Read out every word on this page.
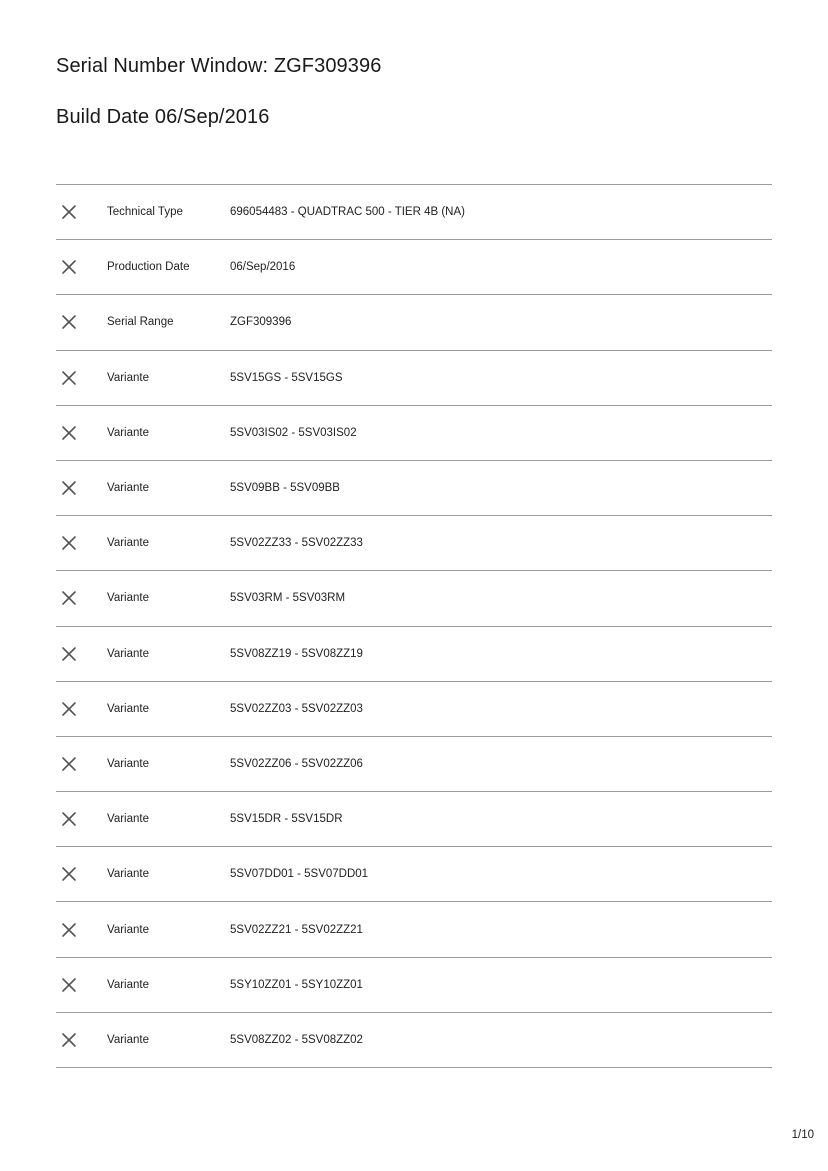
Serial Number Window: ZGF309396
Build Date 06/Sep/2016
Technical Type	696054483 - QUADTRAC 500 - TIER 4B (NA)
Production Date	06/Sep/2016
Serial Range	ZGF309396
Variante	5SV15GS - 5SV15GS
Variante	5SV03IS02 - 5SV03IS02
Variante	5SV09BB - 5SV09BB
Variante	5SV02ZZ33 - 5SV02ZZ33
Variante	5SV03RM - 5SV03RM
Variante	5SV08ZZ19 - 5SV08ZZ19
Variante	5SV02ZZ03 - 5SV02ZZ03
Variante	5SV02ZZ06 - 5SV02ZZ06
Variante	5SV15DR - 5SV15DR
Variante	5SV07DD01 - 5SV07DD01
Variante	5SV02ZZ21 - 5SV02ZZ21
Variante	5SY10ZZ01 - 5SY10ZZ01
Variante	5SV08ZZ02 - 5SV08ZZ02
1/10
